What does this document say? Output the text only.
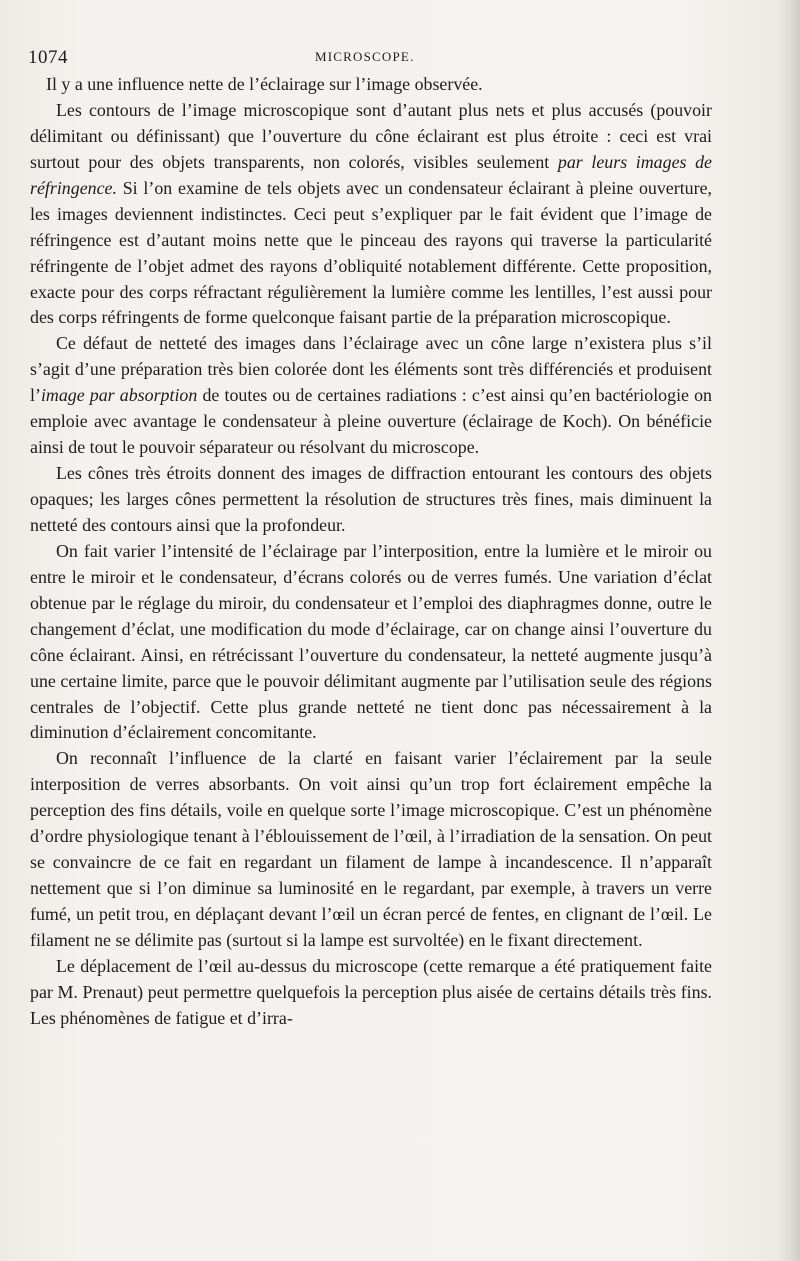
1074	MICROSCOPE.

Il y a une influence nette de l’éclairage sur l’image observée.

Les contours de l’image microscopique sont d’autant plus nets et plus accusés (pouvoir délimitant ou définissant) que l’ouverture du cône éclairant est plus étroite : ceci est vrai surtout pour des objets transparents, non colorés, visibles seulement par leurs images de réfringence. Si l’on examine de tels objets avec un condensateur éclairant à pleine ouverture, les images deviennent indistinctes. Ceci peut s’expliquer par le fait évident que l’image de réfringence est d’autant moins nette que le pinceau des rayons qui traverse la particularité réfringente de l’objet admet des rayons d’obliquité notablement différente. Cette proposition, exacte pour des corps réfractant régulièrement la lumière comme les lentilles, l’est aussi pour des corps réfringents de forme quelconque faisant partie de la préparation microscopique.

Ce défaut de netteté des images dans l’éclairage avec un cône large n’existera plus s’il s’agit d’une préparation très bien colorée dont les éléments sont très différenciés et produisent l’image par absorption de toutes ou de certaines radiations : c’est ainsi qu’en bactériologie on emploie avec avantage le condensateur à pleine ouverture (éclairage de Koch). On bénéficie ainsi de tout le pouvoir séparateur ou résolvant du microscope.

Les cônes très étroits donnent des images de diffraction entourant les contours des objets opaques; les larges cônes permettent la résolution de structures très fines, mais diminuent la netteté des contours ainsi que la profondeur.

On fait varier l’intensité de l’éclairage par l’interposition, entre la lumière et le miroir ou entre le miroir et le condensateur, d’écrans colorés ou de verres fumés. Une variation d’éclat obtenue par le réglage du miroir, du condensateur et l’emploi des diaphragmes donne, outre le changement d’éclat, une modification du mode d’éclairage, car on change ainsi l’ouverture du cône éclairant. Ainsi, en rétrécissant l’ouverture du condensateur, la netteté augmente jusqu’à une certaine limite, parce que le pouvoir délimitant augmente par l’utilisation seule des régions centrales de l’objectif. Cette plus grande netteté ne tient donc pas nécessairement à la diminution d’éclairement concomitante.

On reconnaît l’influence de la clarté en faisant varier l’éclairement par la seule interposition de verres absorbants. On voit ainsi qu’un trop fort éclairement empêche la perception des fins détails, voile en quelque sorte l’image microscopique. C’est un phénomène d’ordre physiologique tenant à l’éblouissement de l’œil, à l’irradiation de la sensation. On peut se convaincre de ce fait en regardant un filament de lampe à incandescence. Il n’apparaît nettement que si l’on diminue sa luminosité en le regardant, par exemple, à travers un verre fumé, un petit trou, en déplaçant devant l’œil un écran percé de fentes, en clignant de l’œil. Le filament ne se délimite pas (surtout si la lampe est survoltée) en le fixant directement.

Le déplacement de l’œil au-dessus du microscope (cette remarque a été pratiquement faite par M. Prenaut) peut permettre quelquefois la perception plus aisée de certains détails très fins. Les phénomènes de fatigue et d’irra-
